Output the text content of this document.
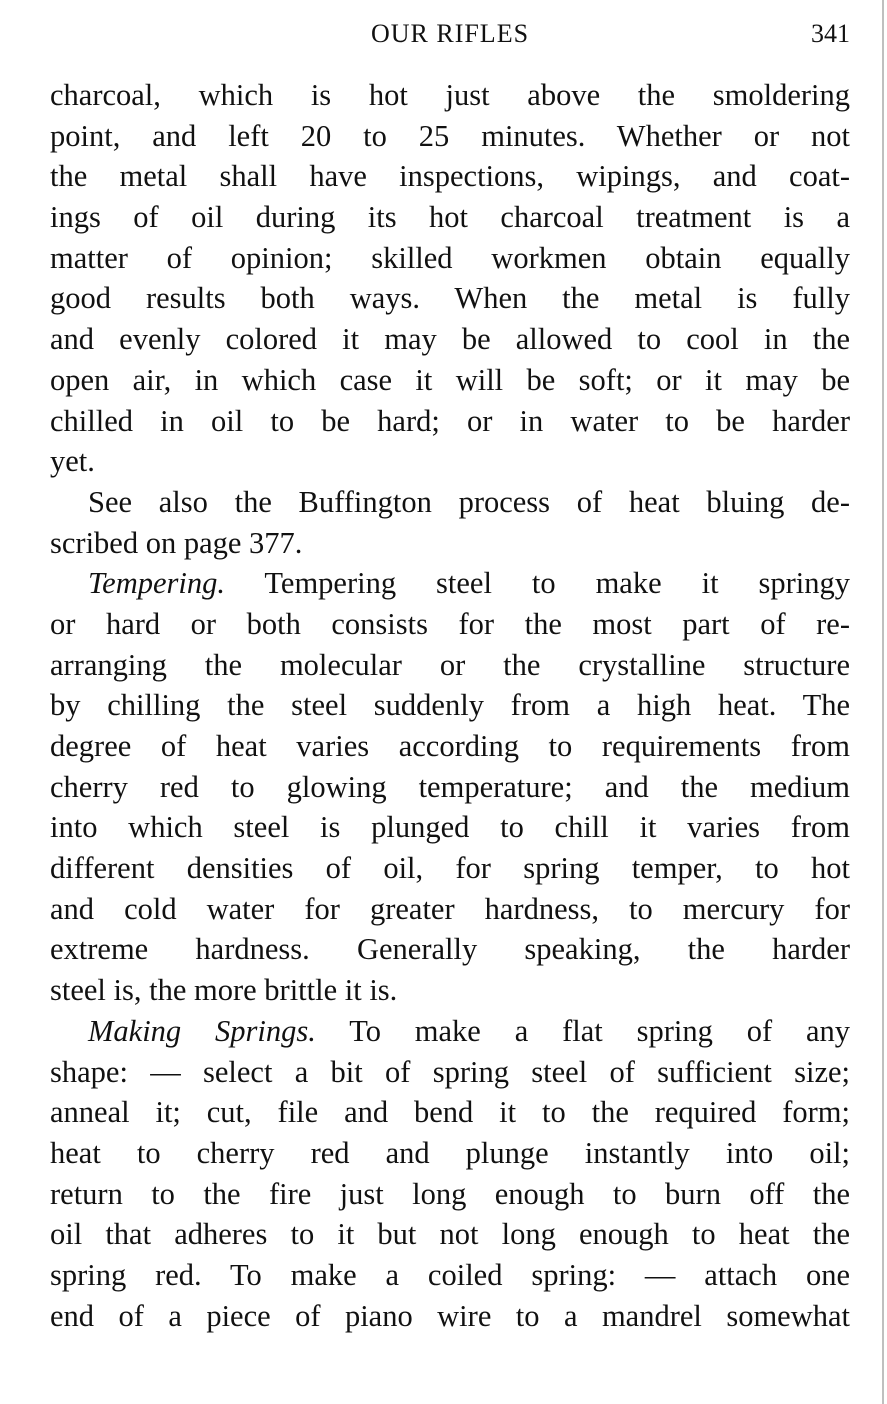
OUR RIFLES	341
charcoal, which is hot just above the smoldering
point, and left 20 to 25 minutes. Whether or not
the metal shall have inspections, wipings, and coat-
ings of oil during its hot charcoal treatment is a
matter of opinion; skilled workmen obtain equally
good results both ways. When the metal is fully
and evenly colored it may be allowed to cool in the
open air, in which case it will be soft; or it may be
chilled in oil to be hard; or in water to be harder
yet.
See also the Buffington process of heat bluing de-
scribed on page 377.
Tempering. Tempering steel to make it springy
or hard or both consists for the most part of re-
arranging the molecular or the crystalline structure
by chilling the steel suddenly from a high heat. The
degree of heat varies according to requirements from
cherry red to glowing temperature; and the medium
into which steel is plunged to chill it varies from
different densities of oil, for spring temper, to hot
and cold water for greater hardness, to mercury for
extreme hardness. Generally speaking, the harder
steel is, the more brittle it is.
Making Springs. To make a flat spring of any
shape: — select a bit of spring steel of sufficient size;
anneal it; cut, file and bend it to the required form;
heat to cherry red and plunge instantly into oil;
return to the fire just long enough to burn off the
oil that adheres to it but not long enough to heat the
spring red. To make a coiled spring: — attach one
end of a piece of piano wire to a mandrel somewhat
